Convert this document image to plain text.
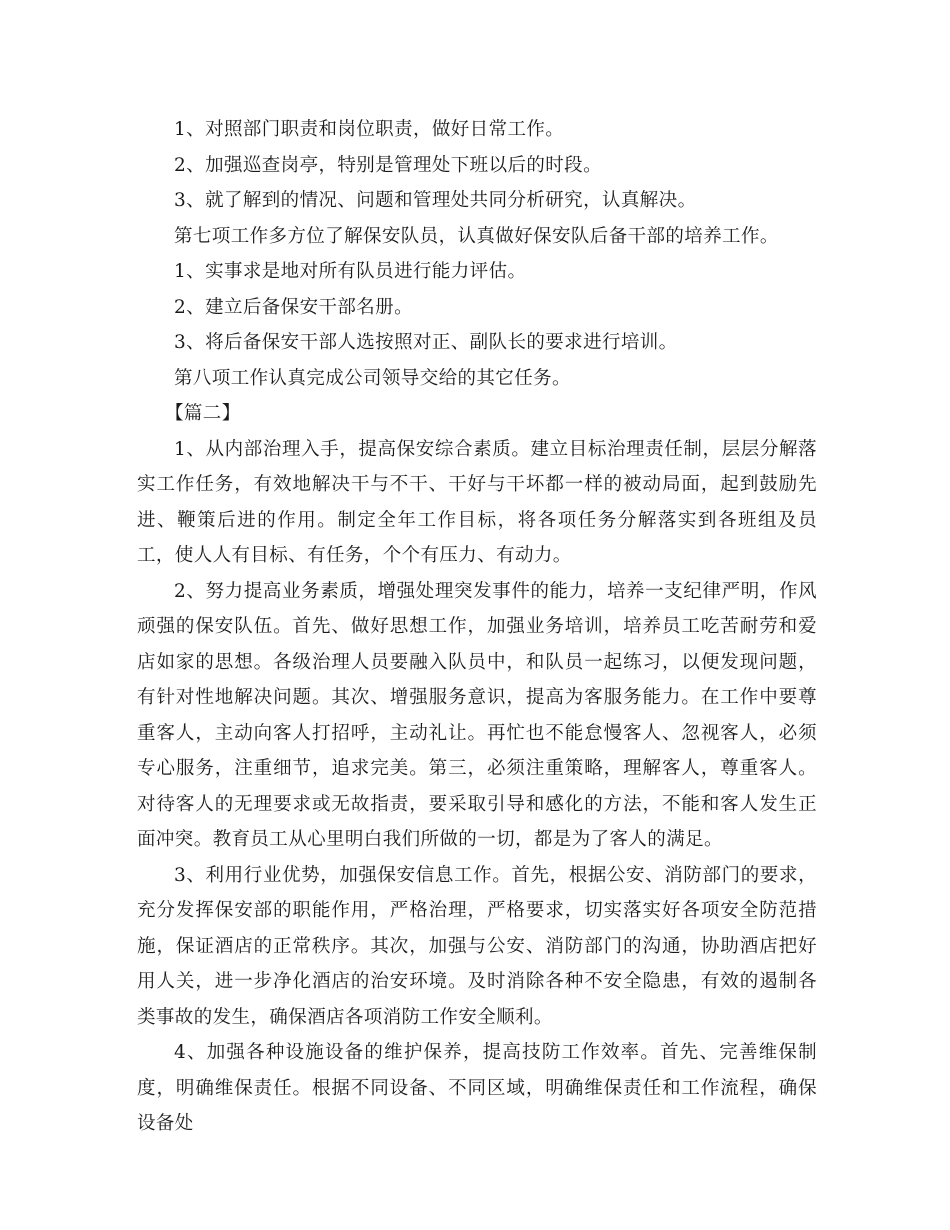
1、对照部门职责和岗位职责，做好日常工作。

2、加强巡查岗亭，特别是管理处下班以后的时段。

3、就了解到的情况、问题和管理处共同分析研究，认真解决。

第七项工作多方位了解保安队员，认真做好保安队后备干部的培养工作。

1、实事求是地对所有队员进行能力评估。

2、建立后备保安干部名册。

3、将后备保安干部人选按照对正、副队长的要求进行培训。

第八项工作认真完成公司领导交给的其它任务。

【篇二】

1、从内部治理入手，提高保安综合素质。建立目标治理责任制，层层分解落实工作任务，有效地解决干与不干、干好与干坏都一样的被动局面，起到鼓励先进、鞭策后进的作用。制定全年工作目标，将各项任务分解落实到各班组及员工，使人人有目标、有任务，个个有压力、有动力。

2、努力提高业务素质，增强处理突发事件的能力，培养一支纪律严明，作风顽强的保安队伍。首先、做好思想工作，加强业务培训，培养员工吃苦耐劳和爱店如家的思想。各级治理人员要融入队员中，和队员一起练习，以便发现问题，有针对性地解决问题。其次、增强服务意识，提高为客服务能力。在工作中要尊重客人，主动向客人打招呼，主动礼让。再忙也不能怠慢客人、忽视客人，必须专心服务，注重细节，追求完美。第三，必须注重策略，理解客人，尊重客人。对待客人的无理要求或无故指责，要采取引导和感化的方法，不能和客人发生正面冲突。教育员工从心里明白我们所做的一切，都是为了客人的满足。

3、利用行业优势，加强保安信息工作。首先，根据公安、消防部门的要求，充分发挥保安部的职能作用，严格治理，严格要求，切实落实好各项安全防范措施，保证酒店的正常秩序。其次，加强与公安、消防部门的沟通，协助酒店把好用人关，进一步净化酒店的治安环境。及时消除各种不安全隐患，有效的遏制各类事故的发生，确保酒店各项消防工作安全顺利。

4、加强各种设施设备的维护保养，提高技防工作效率。首先、完善维保制度，明确维保责任。根据不同设备、不同区域，明确维保责任和工作流程，确保设备处
